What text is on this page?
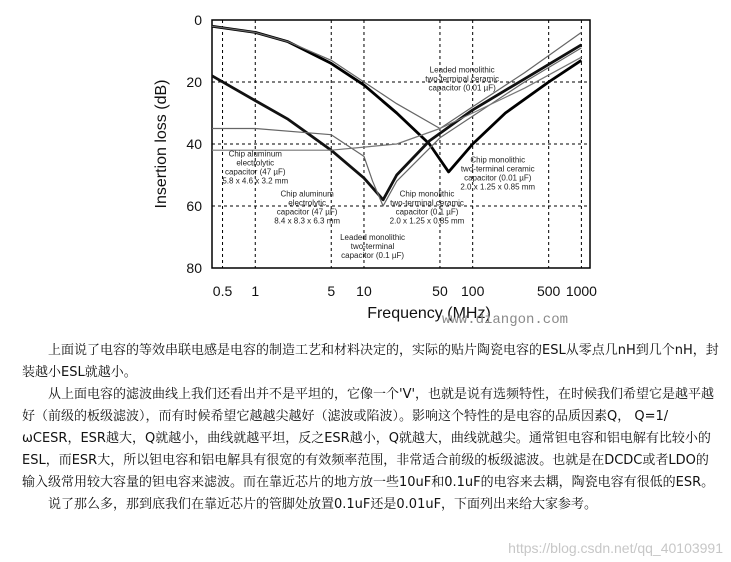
0.5 1	5 10	50 100	500 1000
0
20
40
60
80
Frequency (MHz)
Insertion loss (dB)
Leaded monolithic
two-terminal ceramic
capacitor (0.01 µF)
Chip monolithic
two-terminal ceramic
capacitor (0.01 µF)
2.0 x 1.25 x 0.85 mm
Chip aluminum
electrolytic
capacitor (47 µF)
5.8 x 4.6 x 3.2 mm
Chip aluminum
electrolytic
capacitor (47 µF)
8.4 x 8.3 x 6.3 mm
Chip monolithic
two-terminal ceramic
capacitor (0.1 µF)
2.0 x 1.25 x 0.85 mm
Leaded monolithic
two-terminal
capacitor (0.1 µF)
www.diangon.com

上面说了电容的等效串联电感是电容的制造工艺和材料决定的，实际的贴片陶瓷电容的ESL从零点几nH到几个nH，封装越小ESL就越小。

从上面电容的滤波曲线上我们还看出并不是平坦的，它像一个'V'，也就是说有选频特性，在时候我们希望它是越平越好（前级的板级滤波），而有时候希望它越越尖越好（滤波或陷波）。影响这个特性的是电容的品质因素Q， Q=1/ωCESR，ESR越大，Q就越小，曲线就越平坦，反之ESR越小，Q就越大，曲线就越尖。通常钽电容和铝电解有比较小的ESL，而ESR大，所以钽电容和铝电解具有很宽的有效频率范围，非常适合前级的板级滤波。也就是在DCDC或者LDO的输入级常用较大容量的钽电容来滤波。而在靠近芯片的地方放一些10uF和0.1uF的电容来去耦，陶瓷电容有很低的ESR。

说了那么多，那到底我们在靠近芯片的管脚处放置0.1uF还是0.01uF，下面列出来给大家参考。

https://blog.csdn.net/qq_40103991
